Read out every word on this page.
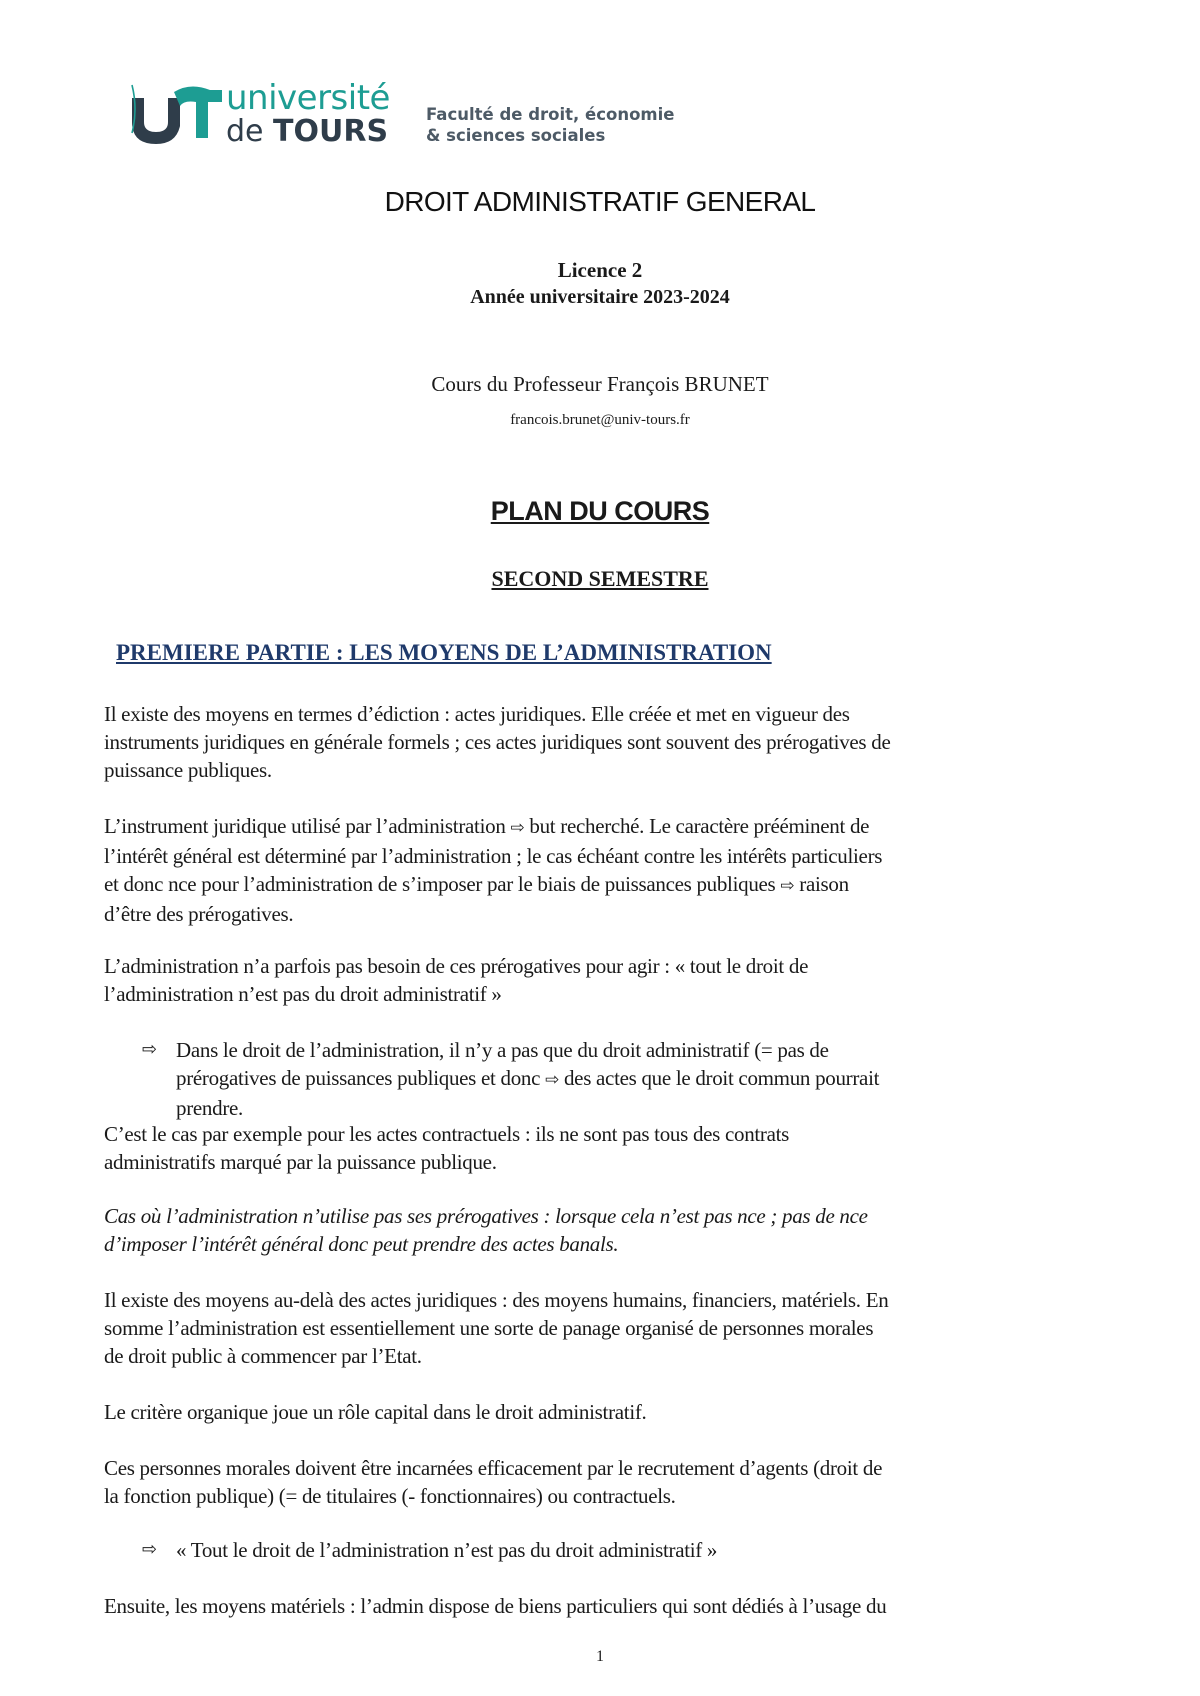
université
de TOURS Faculté de droit, économie
& sciences sociales
DROIT ADMINISTRATIF GENERAL
Licence 2
Année universitaire 2023-2024
Cours du Professeur François BRUNET
francois.brunet@univ-tours.fr
PLAN DU COURS
SECOND SEMESTRE
PREMIERE PARTIE : LES MOYENS DE L’ADMINISTRATION
Il existe des moyens en termes d’édiction : actes juridiques. Elle créée et met en vigueur des
instruments juridiques en générale formels ; ces actes juridiques sont souvent des prérogatives de
puissance publiques.
L’instrument juridique utilisé par l’administration ⇨ but recherché. Le caractère prééminent de
l’intérêt général est déterminé par l’administration ; le cas échéant contre les intérêts particuliers
et donc nce pour l’administration de s’imposer par le biais de puissances publiques ⇨ raison
d’être des prérogatives.
L’administration n’a parfois pas besoin de ces prérogatives pour agir : « tout le droit de
l’administration n’est pas du droit administratif »
⇨ Dans le droit de l’administration, il n’y a pas que du droit administratif (= pas de
prérogatives de puissances publiques et donc ⇨ des actes que le droit commun pourrait
prendre.
C’est le cas par exemple pour les actes contractuels : ils ne sont pas tous des contrats
administratifs marqué par la puissance publique.
Cas où l’administration n’utilise pas ses prérogatives : lorsque cela n’est pas nce ; pas de nce
d’imposer l’intérêt général donc peut prendre des actes banals.
Il existe des moyens au-delà des actes juridiques : des moyens humains, financiers, matériels. En
somme l’administration est essentiellement une sorte de panage organisé de personnes morales
de droit public à commencer par l’Etat.
Le critère organique joue un rôle capital dans le droit administratif.
Ces personnes morales doivent être incarnées efficacement par le recrutement d’agents (droit de
la fonction publique) (= de titulaires (- fonctionnaires) ou contractuels.
⇨ « Tout le droit de l’administration n’est pas du droit administratif »
Ensuite, les moyens matériels : l’admin dispose de biens particuliers qui sont dédiés à l’usage du
1
